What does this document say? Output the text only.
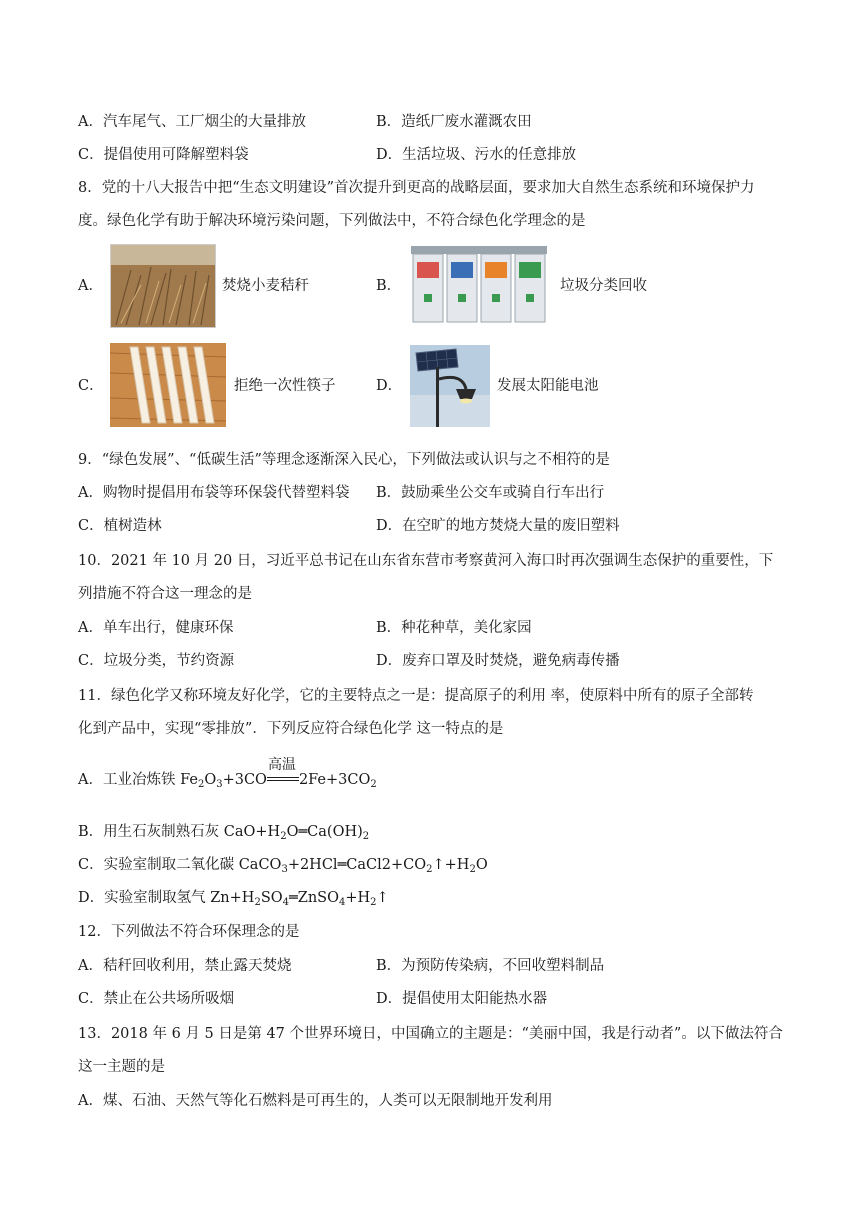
A．汽车尾气、工厂烟尘的大量排放	B．造纸厂废水灌溉农田
C．提倡使用可降解塑料袋	D．生活垃圾、污水的任意排放
8．党的十八大报告中把“生态文明建设”首次提升到更高的战略层面，要求加大自然生态系统和环境保护力
度。绿色化学有助于解决环境污染问题，下列做法中，不符合绿色化学理念的是
A．	焚烧小麦秸秆	B．	垃圾分类回收
C．	拒绝一次性筷子	D．	发展太阳能电池
9．“绿色发展”、“低碳生活”等理念逐渐深入民心，下列做法或认识与之不相符的是
A．购物时提倡用布袋等环保袋代替塑料袋 B．鼓励乘坐公交车或骑自行车出行
C．植树造林	D．在空旷的地方焚烧大量的废旧塑料
10．2021 年 10 月 20 日，习近平总书记在山东省东营市考察黄河入海口时再次强调生态保护的重要性，下
列措施不符合这一理念的是
A．单车出行，健康环保	B．种花种草，美化家园
C．垃圾分类，节约资源	D．废弃口罩及时焚烧，避免病毒传播
11．绿色化学又称环境友好化学，它的主要特点之一是：提高原子的利用 率，使原料中所有的原子全部转
化到产品中，实现“零排放”．下列反应符合绿色化学 这一特点的是
A．工业冶炼铁 $Fe_2O_3+3CO$
高温
$2Fe+3CO_2$
B．用生石灰制熟石灰 $CaO+H_2O═Ca(OH)_2$
C．实验室制取二氧化碳 $CaCO_3+2HCl═CaCl2+CO_2↑+H_2O$
D．实验室制取氢气 $Zn+H_2SO_4═ZnSO_4+H_2↑$
12．下列做法不符合环保理念的是
A．秸秆回收利用，禁止露天焚烧	B．为预防传染病，不回收塑料制品
C．禁止在公共场所吸烟	D．提倡使用太阳能热水器
13．2018 年 6 月 5 日是第 47 个世界环境日，中国确立的主题是：“美丽中国，我是行动者”。以下做法符合
这一主题的是
A．煤、石油、天然气等化石燃料是可再生的，人类可以无限制地开发利用
